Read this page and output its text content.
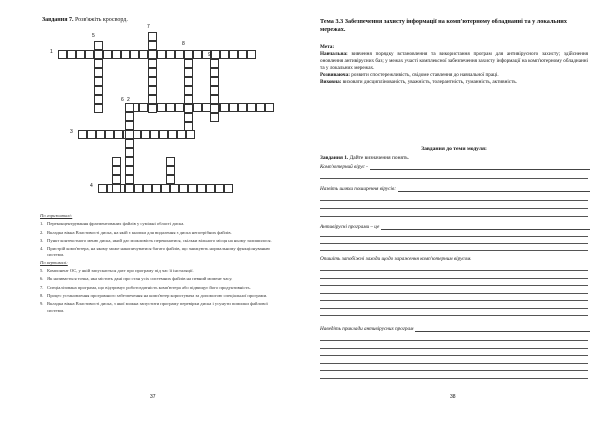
Завдання 7. Розв'яжіть кросворд.
1
2
3
4
5
6
7
8
9
По горизонталі:
1. Переконцентрування фрагментованих файлів у суміжні області диска.
2. Вкладка вікна Властивості диска, на якій є кнопки для видалення з диска непотрібних файлів.
3. Пункт контекстного меню диска, який дає можливість переконатися, скільки вільного місця на ньому залишилося.
4. Пристрій комп'ютера, на якому може накопичуватися багато файлів, що знижують нормальному функціонуванню системи.
По вертикалі:
5. Компонент ОС, у якій запускається даєт про програму під час її інсталяції.
6. Як називається точка, яка містить дані про стан усіх системних файлів на певний момент часу.
7. Спеціалізована програма, що відтримує роботоздатність комп'ютера або підвищує його продуктивність.
8. Процес установлення програмного забезпечення на комп'ютер користувача за допомогою спеціальної програми.
9. Вкладка вікна Властивості диска, з якої можна запустити програму перевірки диска і усунути помилки файлової системи.
37
Тема 3.3 Забезпечення захисту інформації на комп'ютерному обладнанні та у локальних мережах.

Мета:

Навчальна: вивчення порядку встановлення та використання програм для антивірусного захисту; здійснення оновлення антивірусних баз; у межах участі комплексної забезпечення захисту інформації на комп'ютерному обладнанні та у локальних мережах.

Розвиваюча: розвити спостережливість, свідоме ставлення до навчальної праці.

Виховна: виховати дисциплінованість, уважність, толерантність, гуманність, активність.

Завдання до теми модуля:
Завдання 1. Дайте визначення понять.
Комп'ютерний вірус -
Назвіть шляхи поширення вірусів:
Антивірусні програми – це
Опишіть запобіжні заходи щодо зараження комп'ютерним вірусом.
Наведіть приклади антивірусних програм
38
